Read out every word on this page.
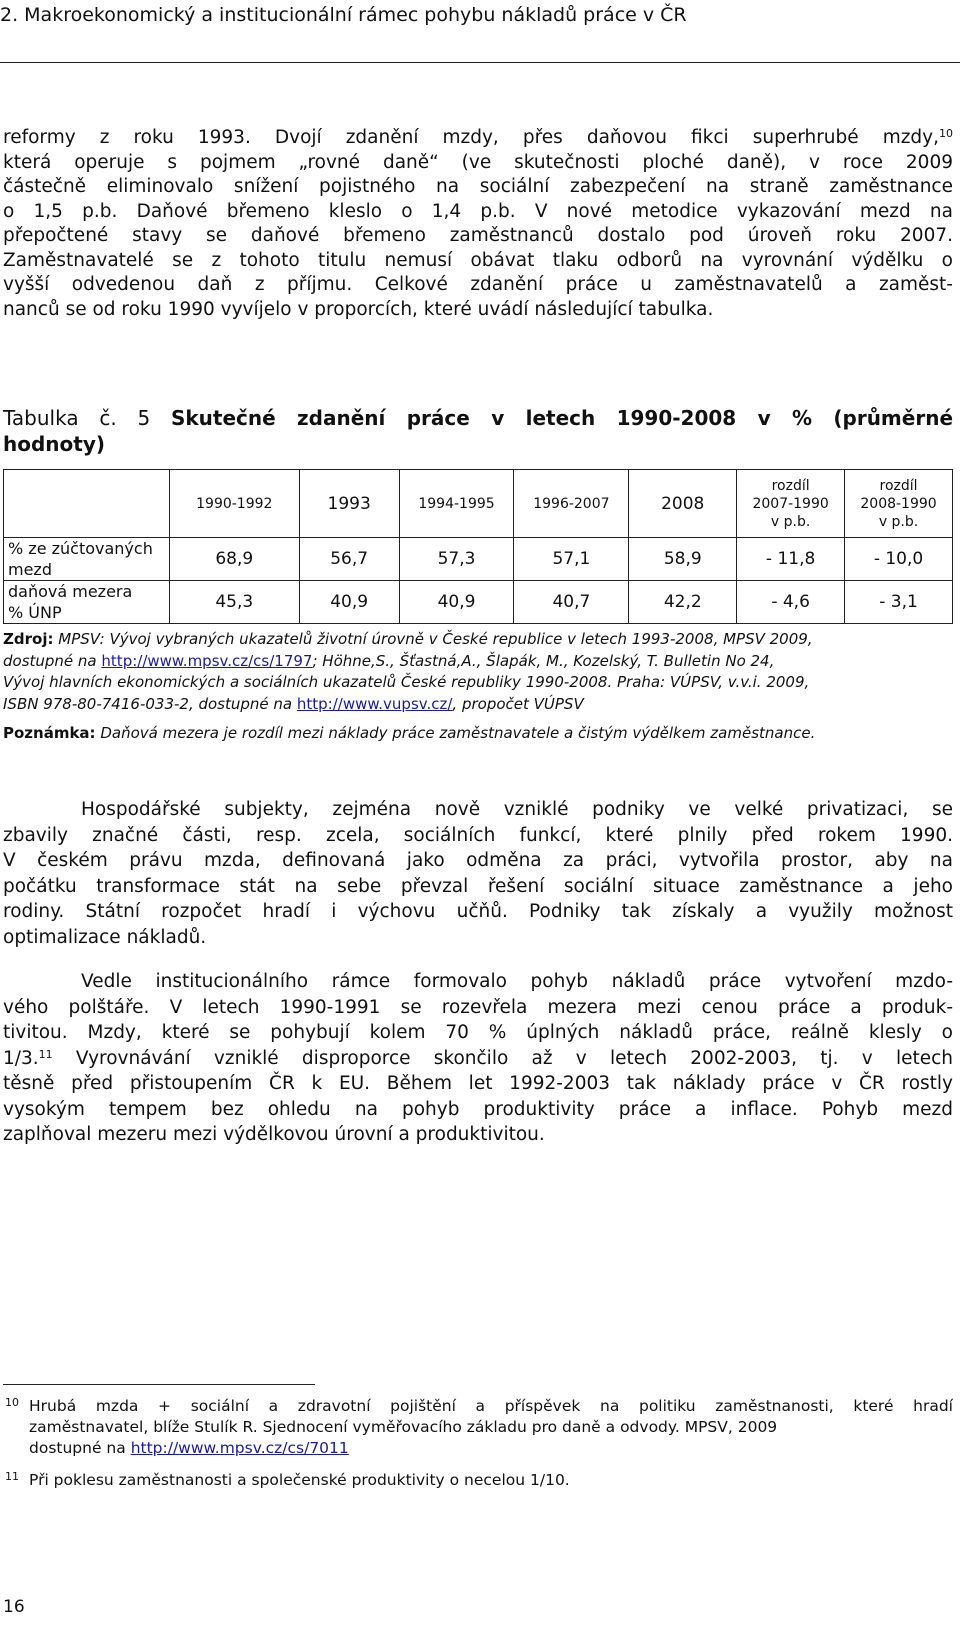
2. Makroekonomický a institucionální rámec pohybu nákladů práce v ČR
reformy z roku 1993. Dvojí zdanění mzdy, přes daňovou fikci superhrubé mzdy,$^{10}$
která operuje s pojmem „rovné daně“ (ve skutečnosti ploché daně), v roce 2009
částečně eliminovalo snížení pojistného na sociální zabezpečení na straně zaměstnance
o 1,5 p.b. Daňové břemeno kleslo o 1,4 p.b. V nové metodice vykazování mezd na
přepočtené stavy se daňové břemeno zaměstnanců dostalo pod úroveň roku 2007.
Zaměstnavatelé se z tohoto titulu nemusí obávat tlaku odborů na vyrovnání výdělku o
vyšší odvedenou daň z příjmu. Celkové zdanění práce u zaměstnavatelů a zaměst-
nanců se od roku 1990 vyvíjelo v proporcích, které uvádí následující tabulka.
Tabulka č. 5 Skutečné zdanění práce v letech 1990-2008 v % (průměrné
hodnoty)
	1990-1992	1993	1994-1995	1996-2007	2008	rozdíl
2007-1990
v p.b.	rozdíl
2008-1990
v p.b.

% ze zúčtovaných
mezd	68,9	56,7	57,3	57,1	58,9	- 11,8	- 10,0

daňová mezera
% ÚNP	45,3	40,9	40,9	40,7	42,2	- 4,6	- 3,1
Zdroj: MPSV: Vývoj vybraných ukazatelů životní úrovně v České republice v letech 1993-2008, MPSV 2009,
dostupné na http://www.mpsv.cz/cs/1797; Höhne,S., Šťastná,A., Šlapák, M., Kozelský, T. Bulletin No 24,
Vývoj hlavních ekonomických a sociálních ukazatelů České republiky 1990-2008. Praha: VÚPSV, v.v.i. 2009,
ISBN 978-80-7416-033-2, dostupné na http://www.vupsv.cz/, propočet VÚPSV
Poznámka: Daňová mezera je rozdíl mezi náklady práce zaměstnavatele a čistým výdělkem zaměstnance.
Hospodářské subjekty, zejména nově vzniklé podniky ve velké privatizaci, se
zbavily značné části, resp. zcela, sociálních funkcí, které plnily před rokem 1990.
V českém právu mzda, definovaná jako odměna za práci, vytvořila prostor, aby na
počátku transformace stát na sebe převzal řešení sociální situace zaměstnance a jeho
rodiny. Státní rozpočet hradí i výchovu učňů. Podniky tak získaly a využily možnost
optimalizace nákladů.
Vedle institucionálního rámce formovalo pohyb nákladů práce vytvoření mzdo-
vého polštáře. V letech 1990-1991 se rozevřela mezera mezi cenou práce a produk-
tivitou. Mzdy, které se pohybují kolem 70 % úplných nákladů práce, reálně klesly o
1/3.11 Vyrovnávání vzniklé disproporce skončilo až v letech 2002-2003, tj. v letech
těsně před přistoupením ČR k EU. Během let 1992-2003 tak náklady práce v ČR rostly
vysokým tempem bez ohledu na pohyb produktivity práce a inflace. Pohyb mezd
zaplňoval mezeru mezi výdělkovou úrovní a produktivitou.
10 Hrubá mzda + sociální a zdravotní pojištění a příspěvek na politiku zaměstnanosti, které hradí
zaměstnavatel, blíže Stulík R. Sjednocení vyměřovacího základu pro daně a odvody. MPSV, 2009
dostupné na http://www.mpsv.cz/cs/7011
11 Při poklesu zaměstnanosti a společenské produktivity o necelou 1/10.
16
